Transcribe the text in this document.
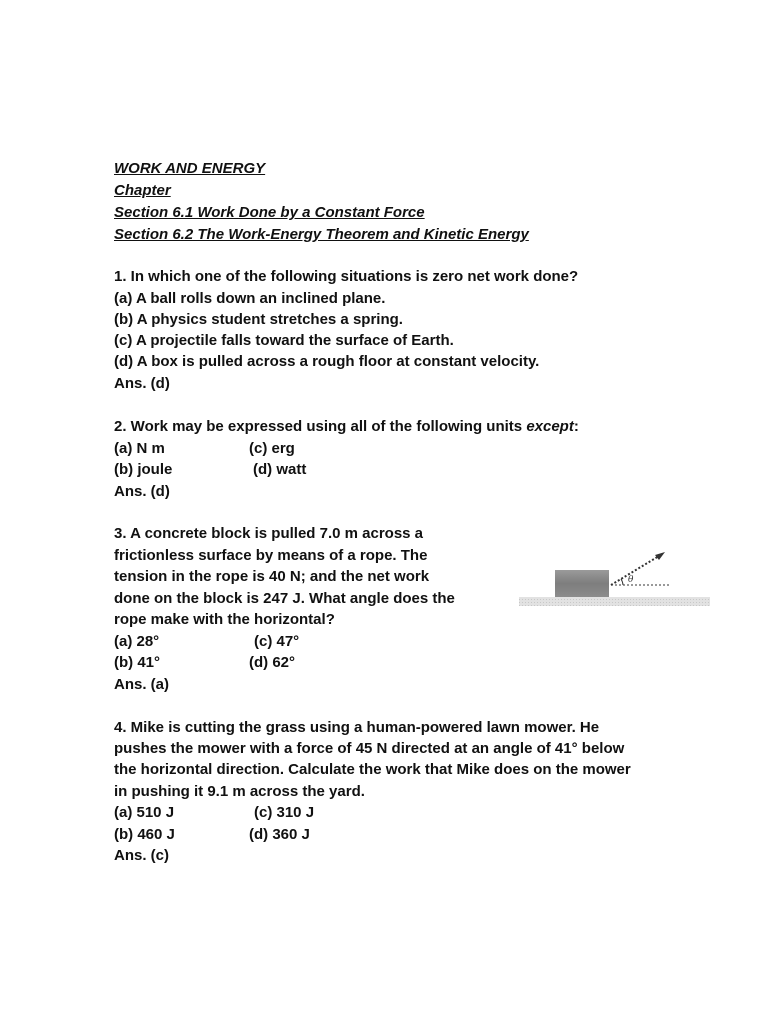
WORK AND ENERGY
Chapter
Section 6.1 Work Done by a Constant Force
Section 6.2 The Work-Energy Theorem and Kinetic Energy
1. In which one of the following situations is zero net work done?
(a) A ball rolls down an inclined plane.
(b) A physics student stretches a spring.
(c) A projectile falls toward the surface of Earth.
(d) A box is pulled across a rough floor at constant velocity.
Ans. (d)
2. Work may be expressed using all of the following units except:
(a) N m	(c) erg
(b) joule	(d) watt
Ans. (d)
3. A concrete block is pulled 7.0 m across a
frictionless surface by means of a rope. The
tension in the rope is 40 N; and the net work
done on the block is 247 J. What angle does the
rope make with the horizontal?
(a) 28°	(c) 47°
(b) 41°	(d) 62°
Ans. (a)
θ
4. Mike is cutting the grass using a human-powered lawn mower. He
pushes the mower with a force of 45 N directed at an angle of 41° below
the horizontal direction. Calculate the work that Mike does on the mower
in pushing it 9.1 m across the yard.
(a) 510 J	(c) 310 J
(b) 460 J	(d) 360 J
Ans. (c)
